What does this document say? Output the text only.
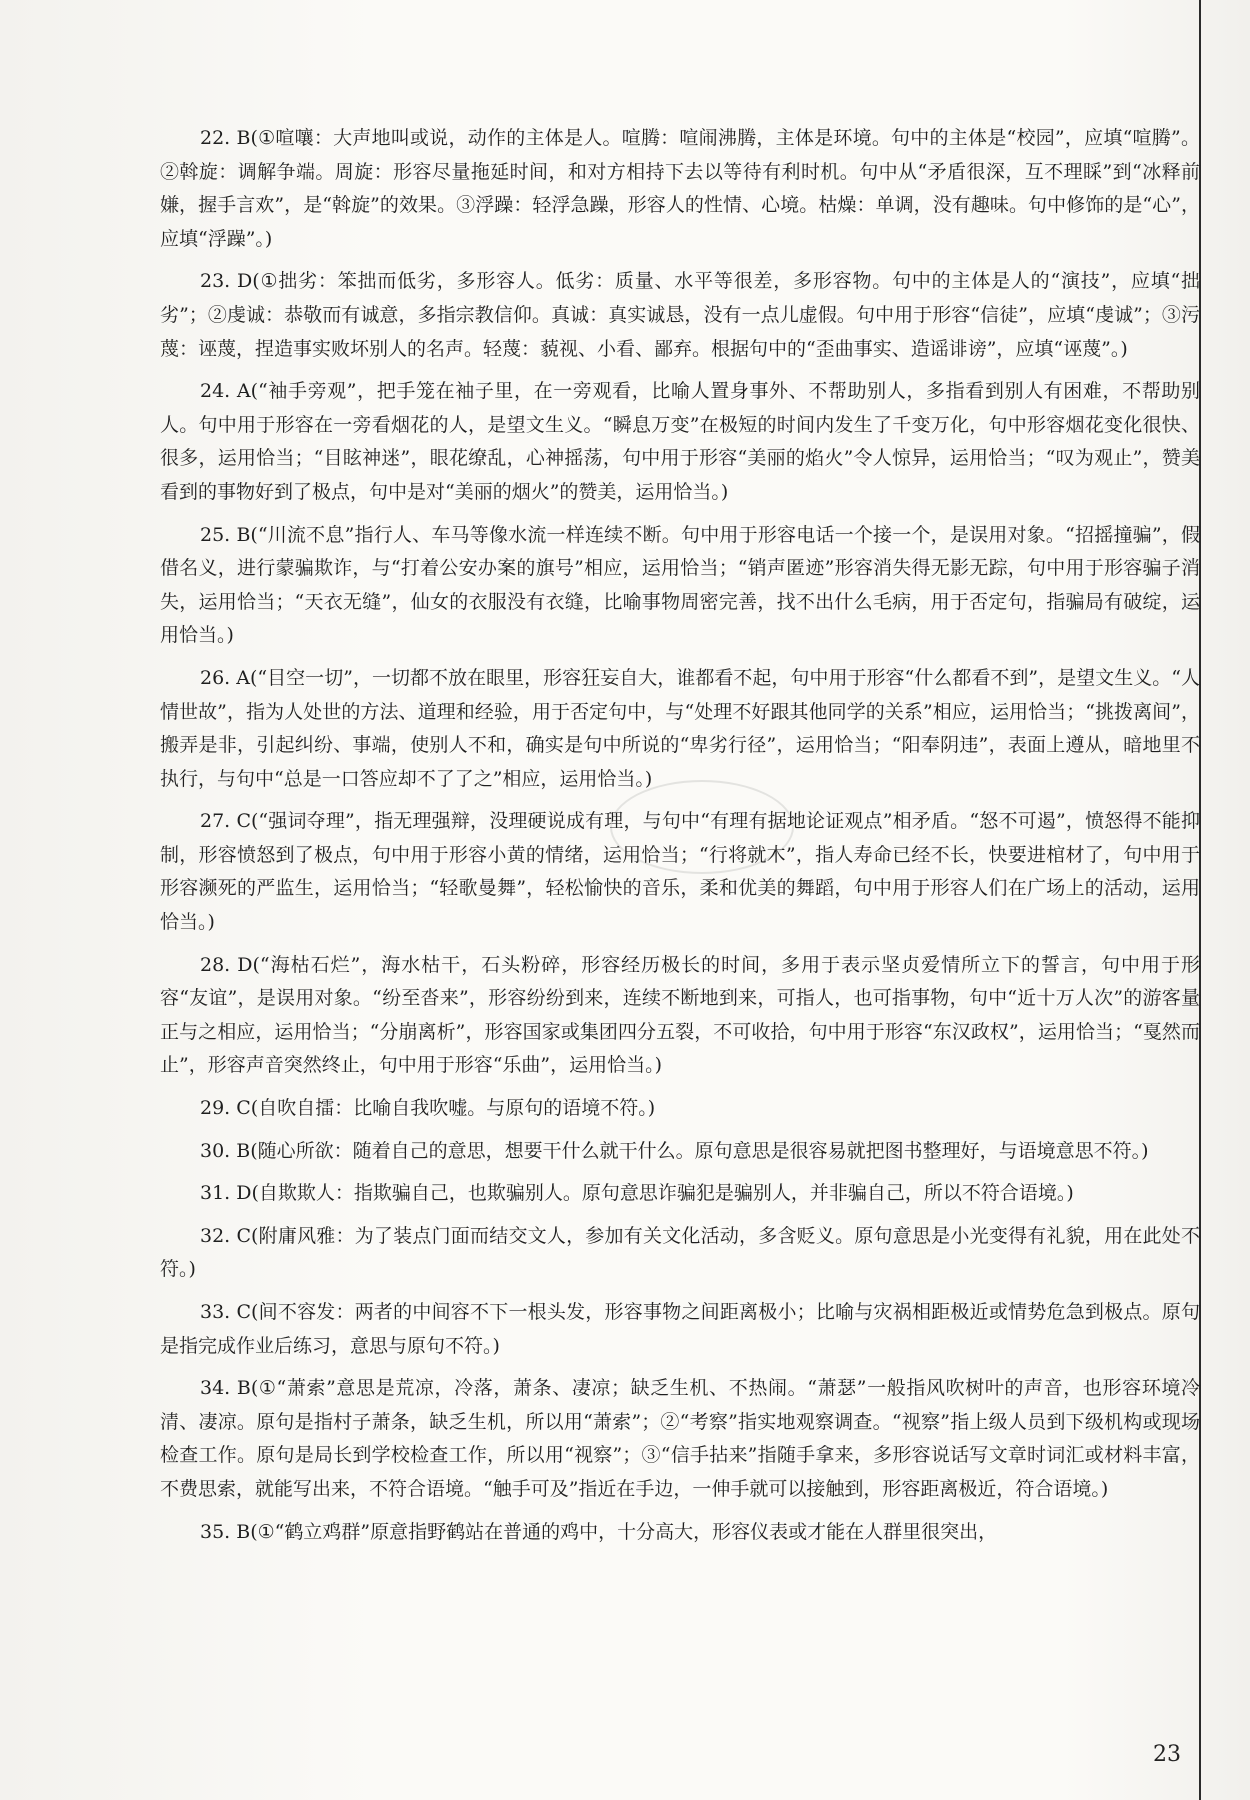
22. B(①喧嚷：大声地叫或说，动作的主体是人。喧腾：喧闹沸腾，主体是环境。句中的主体是“校园”，应填“喧腾”。②斡旋：调解争端。周旋：形容尽量拖延时间，和对方相持下去以等待有利时机。句中从“矛盾很深，互不理睬”到“冰释前嫌，握手言欢”，是“斡旋”的效果。③浮躁：轻浮急躁，形容人的性情、心境。枯燥：单调，没有趣味。句中修饰的是“心”，应填“浮躁”。)

23. D(①拙劣：笨拙而低劣，多形容人。低劣：质量、水平等很差，多形容物。句中的主体是人的“演技”，应填“拙劣”；②虔诚：恭敬而有诚意，多指宗教信仰。真诚：真实诚恳，没有一点儿虚假。句中用于形容“信徒”，应填“虔诚”；③污蔑：诬蔑，捏造事实败坏别人的名声。轻蔑：藐视、小看、鄙弃。根据句中的“歪曲事实、造谣诽谤”，应填“诬蔑”。)

24. A(“袖手旁观”，把手笼在袖子里，在一旁观看，比喻人置身事外、不帮助别人，多指看到别人有困难，不帮助别人。句中用于形容在一旁看烟花的人，是望文生义。“瞬息万变”在极短的时间内发生了千变万化，句中形容烟花变化很快、很多，运用恰当；“目眩神迷”，眼花缭乱，心神摇荡，句中用于形容“美丽的焰火”令人惊异，运用恰当；“叹为观止”，赞美看到的事物好到了极点，句中是对“美丽的烟火”的赞美，运用恰当。)

25. B(“川流不息”指行人、车马等像水流一样连续不断。句中用于形容电话一个接一个，是误用对象。“招摇撞骗”，假借名义，进行蒙骗欺诈，与“打着公安办案的旗号”相应，运用恰当；“销声匿迹”形容消失得无影无踪，句中用于形容骗子消失，运用恰当；“天衣无缝”，仙女的衣服没有衣缝，比喻事物周密完善，找不出什么毛病，用于否定句，指骗局有破绽，运用恰当。)

26. A(“目空一切”，一切都不放在眼里，形容狂妄自大，谁都看不起，句中用于形容“什么都看不到”，是望文生义。“人情世故”，指为人处世的方法、道理和经验，用于否定句中，与“处理不好跟其他同学的关系”相应，运用恰当；“挑拨离间”，搬弄是非，引起纠纷、事端，使别人不和，确实是句中所说的“卑劣行径”，运用恰当；“阳奉阴违”，表面上遵从，暗地里不执行，与句中“总是一口答应却不了了之”相应，运用恰当。)

27. C(“强词夺理”，指无理强辩，没理硬说成有理，与句中“有理有据地论证观点”相矛盾。“怒不可遏”，愤怒得不能抑制，形容愤怒到了极点，句中用于形容小黄的情绪，运用恰当；“行将就木”，指人寿命已经不长，快要进棺材了，句中用于形容濒死的严监生，运用恰当；“轻歌曼舞”，轻松愉快的音乐，柔和优美的舞蹈，句中用于形容人们在广场上的活动，运用恰当。)

28. D(“海枯石烂”，海水枯干，石头粉碎，形容经历极长的时间，多用于表示坚贞爱情所立下的誓言，句中用于形容“友谊”，是误用对象。“纷至沓来”，形容纷纷到来，连续不断地到来，可指人，也可指事物，句中“近十万人次”的游客量正与之相应，运用恰当；“分崩离析”，形容国家或集团四分五裂，不可收拾，句中用于形容“东汉政权”，运用恰当；“戛然而止”，形容声音突然终止，句中用于形容“乐曲”，运用恰当。)

29. C(自吹自擂：比喻自我吹嘘。与原句的语境不符。)

30. B(随心所欲：随着自己的意思，想要干什么就干什么。原句意思是很容易就把图书整理好，与语境意思不符。)

31. D(自欺欺人：指欺骗自己，也欺骗别人。原句意思诈骗犯是骗别人，并非骗自己，所以不符合语境。)

32. C(附庸风雅：为了装点门面而结交文人，参加有关文化活动，多含贬义。原句意思是小光变得有礼貌，用在此处不符。)

33. C(间不容发：两者的中间容不下一根头发，形容事物之间距离极小；比喻与灾祸相距极近或情势危急到极点。原句是指完成作业后练习，意思与原句不符。)

34. B(①“萧索”意思是荒凉，冷落，萧条、凄凉；缺乏生机、不热闹。“萧瑟”一般指风吹树叶的声音，也形容环境冷清、凄凉。原句是指村子萧条，缺乏生机，所以用“萧索”；②“考察”指实地观察调查。“视察”指上级人员到下级机构或现场检查工作。原句是局长到学校检查工作，所以用“视察”；③“信手拈来”指随手拿来，多形容说话写文章时词汇或材料丰富，不费思索，就能写出来，不符合语境。“触手可及”指近在手边，一伸手就可以接触到，形容距离极近，符合语境。)

35. B(①“鹤立鸡群”原意指野鹤站在普通的鸡中，十分高大，形容仪表或才能在人群里很突出，

23
